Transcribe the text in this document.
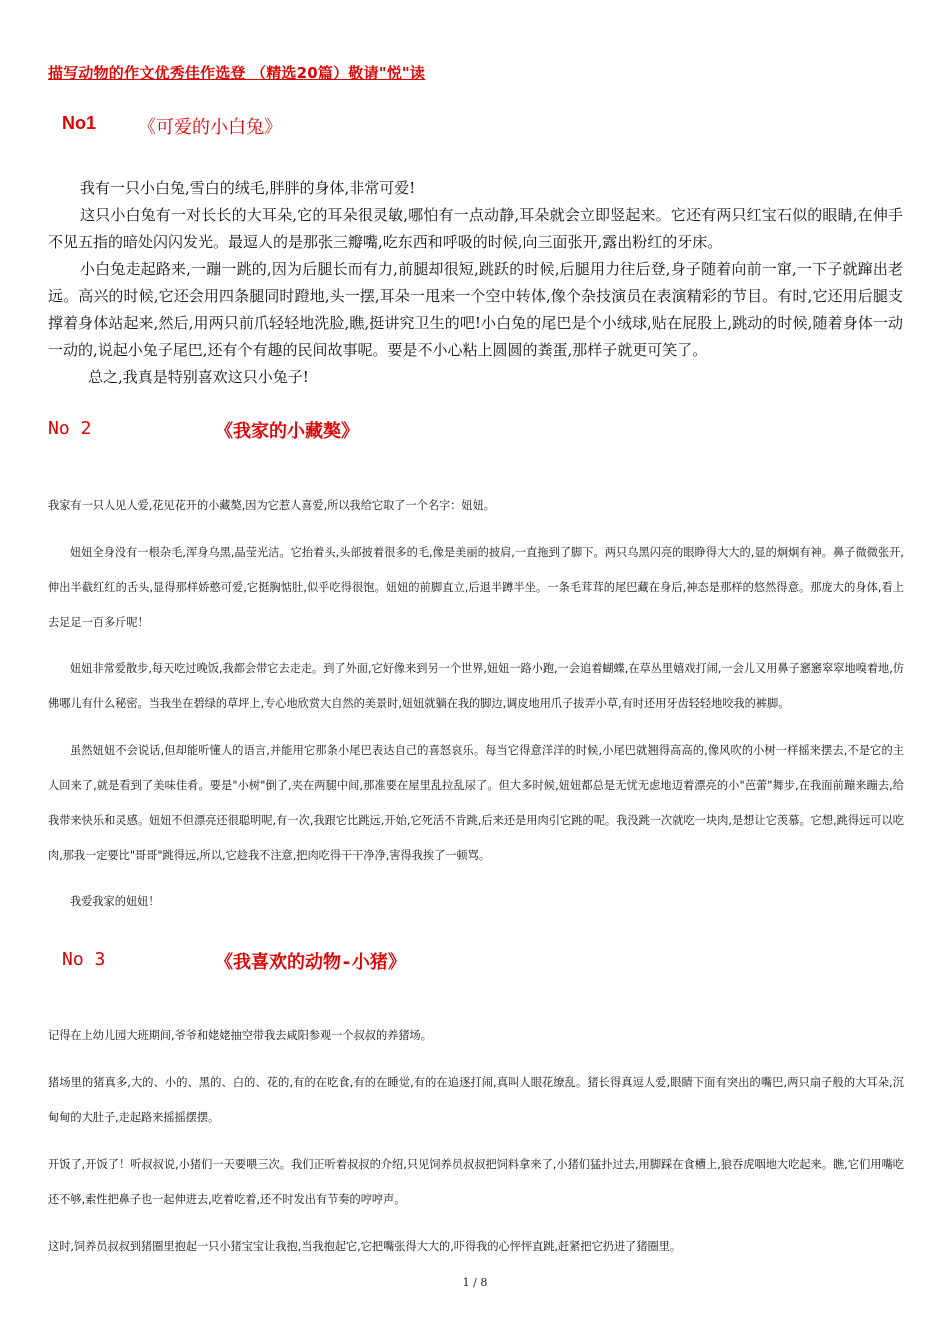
描写动物的作文优秀佳作选登 （精选20篇）敬请"悦"读
No1 《可爱的小白兔》

我有一只小白兔,雪白的绒毛,胖胖的身体,非常可爱!

这只小白兔有一对长长的大耳朵,它的耳朵很灵敏,哪怕有一点动静,耳朵就会立即竖起来。它还有两只红宝石似的眼睛,在伸手不见五指的暗处闪闪发光。最逗人的是那张三瓣嘴,吃东西和呼吸的时候,向三面张开,露出粉红的牙床。

小白兔走起路来,一蹦一跳的,因为后腿长而有力,前腿却很短,跳跃的时候,后腿用力往后登,身子随着向前一窜,一下子就蹿出老远。高兴的时候,它还会用四条腿同时蹬地,头一摆,耳朵一甩来一个空中转体,像个杂技演员在表演精彩的节目。有时,它还用后腿支撑着身体站起来,然后,用两只前爪轻轻地洗脸,瞧,挺讲究卫生的吧!小白兔的尾巴是个小绒球,贴在屁股上,跳动的时候,随着身体一动一动的,说起小兔子尾巴,还有个有趣的民间故事呢。要是不小心粘上圆圆的粪蛋,那样子就更可笑了。

总之,我真是特别喜欢这只小兔子!

No 2	《我家的小藏獒》

我家有一只人见人爱,花见花开的小藏獒,因为它惹人喜爱,所以我给它取了一个名字：妞妞。

妞妞全身没有一根杂毛,浑身乌黑,晶莹光洁。它抬着头,头部披着很多的毛,像是美丽的披肩,一直拖到了脚下。两只乌黑闪亮的眼睁得大大的,显的炯炯有神。鼻子微微张开,伸出半截红红的舌头,显得那样娇憨可爱,它挺胸惦肚,似乎吃得很饱。妞妞的前脚直立,后退半蹲半坐。一条毛茸茸的尾巴藏在身后,神态是那样的悠然得意。那庞大的身体,看上去足足一百多斤呢！

妞妞非常爱散步,每天吃过晚饭,我都会带它去走走。到了外面,它好像来到另一个世界,妞妞一路小跑,一会追着蝴蝶,在草丛里嬉戏打闹,一会儿又用鼻子窸窸窣窣地嗅着地,仿佛哪儿有什么秘密。当我坐在碧绿的草坪上,专心地欣赏大自然的美景时,妞妞就躺在我的脚边,调皮地用爪子拔弄小草,有时还用牙齿轻轻地咬我的裤脚。

虽然妞妞不会说话,但却能听懂人的语言,并能用它那条小尾巴表达自己的喜怒哀乐。每当它得意洋洋的时候,小尾巴就翘得高高的,像风吹的小树一样摇来摆去,不是它的主人回来了,就是看到了美味佳肴。要是"小树"倒了,夹在两腿中间,那准要在屋里乱拉乱尿了。但大多时候,妞妞都总是无忧无虑地迈着漂亮的小"芭蕾"舞步,在我面前蹦来蹦去,给我带来快乐和灵感。妞妞不但漂亮还很聪明呢,有一次,我跟它比跳远,开始,它死活不肯跳,后来还是用肉引它跳的呢。我没跳一次就吃一块肉,是想让它羡慕。它想,跳得远可以吃肉,那我一定要比"哥哥"跳得远,所以,它趁我不注意,把肉吃得干干净净,害得我挨了一顿骂。

我爱我家的妞妞！

No 3	《我喜欢的动物-小猪》

记得在上幼儿园大班期间,爷爷和姥姥抽空带我去咸阳参观一个叔叔的养猪场。

猪场里的猪真多,大的、小的、黑的、白的、花的,有的在吃食,有的在睡觉,有的在追逐打闹,真叫人眼花缭乱。猪长得真逗人爱,眼睛下面有突出的嘴巴,两只扇子般的大耳朵,沉甸甸的大肚子,走起路来摇摇摆摆。

开饭了,开饭了！听叔叔说,小猪们一天要喂三次。我们正听着叔叔的介绍,只见饲养员叔叔把饲料拿来了,小猪们猛扑过去,用脚踩在食槽上,狼吞虎咽地大吃起来。瞧,它们用嘴吃还不够,索性把鼻子也一起伸进去,吃着吃着,还不时发出有节奏的哼哼声。

这时,饲养员叔叔到猪圈里抱起一只小猪宝宝让我抱,当我抱起它,它把嘴张得大大的,吓得我的心怦怦直跳,赶紧把它扔进了猪圈里。

1 / 8
